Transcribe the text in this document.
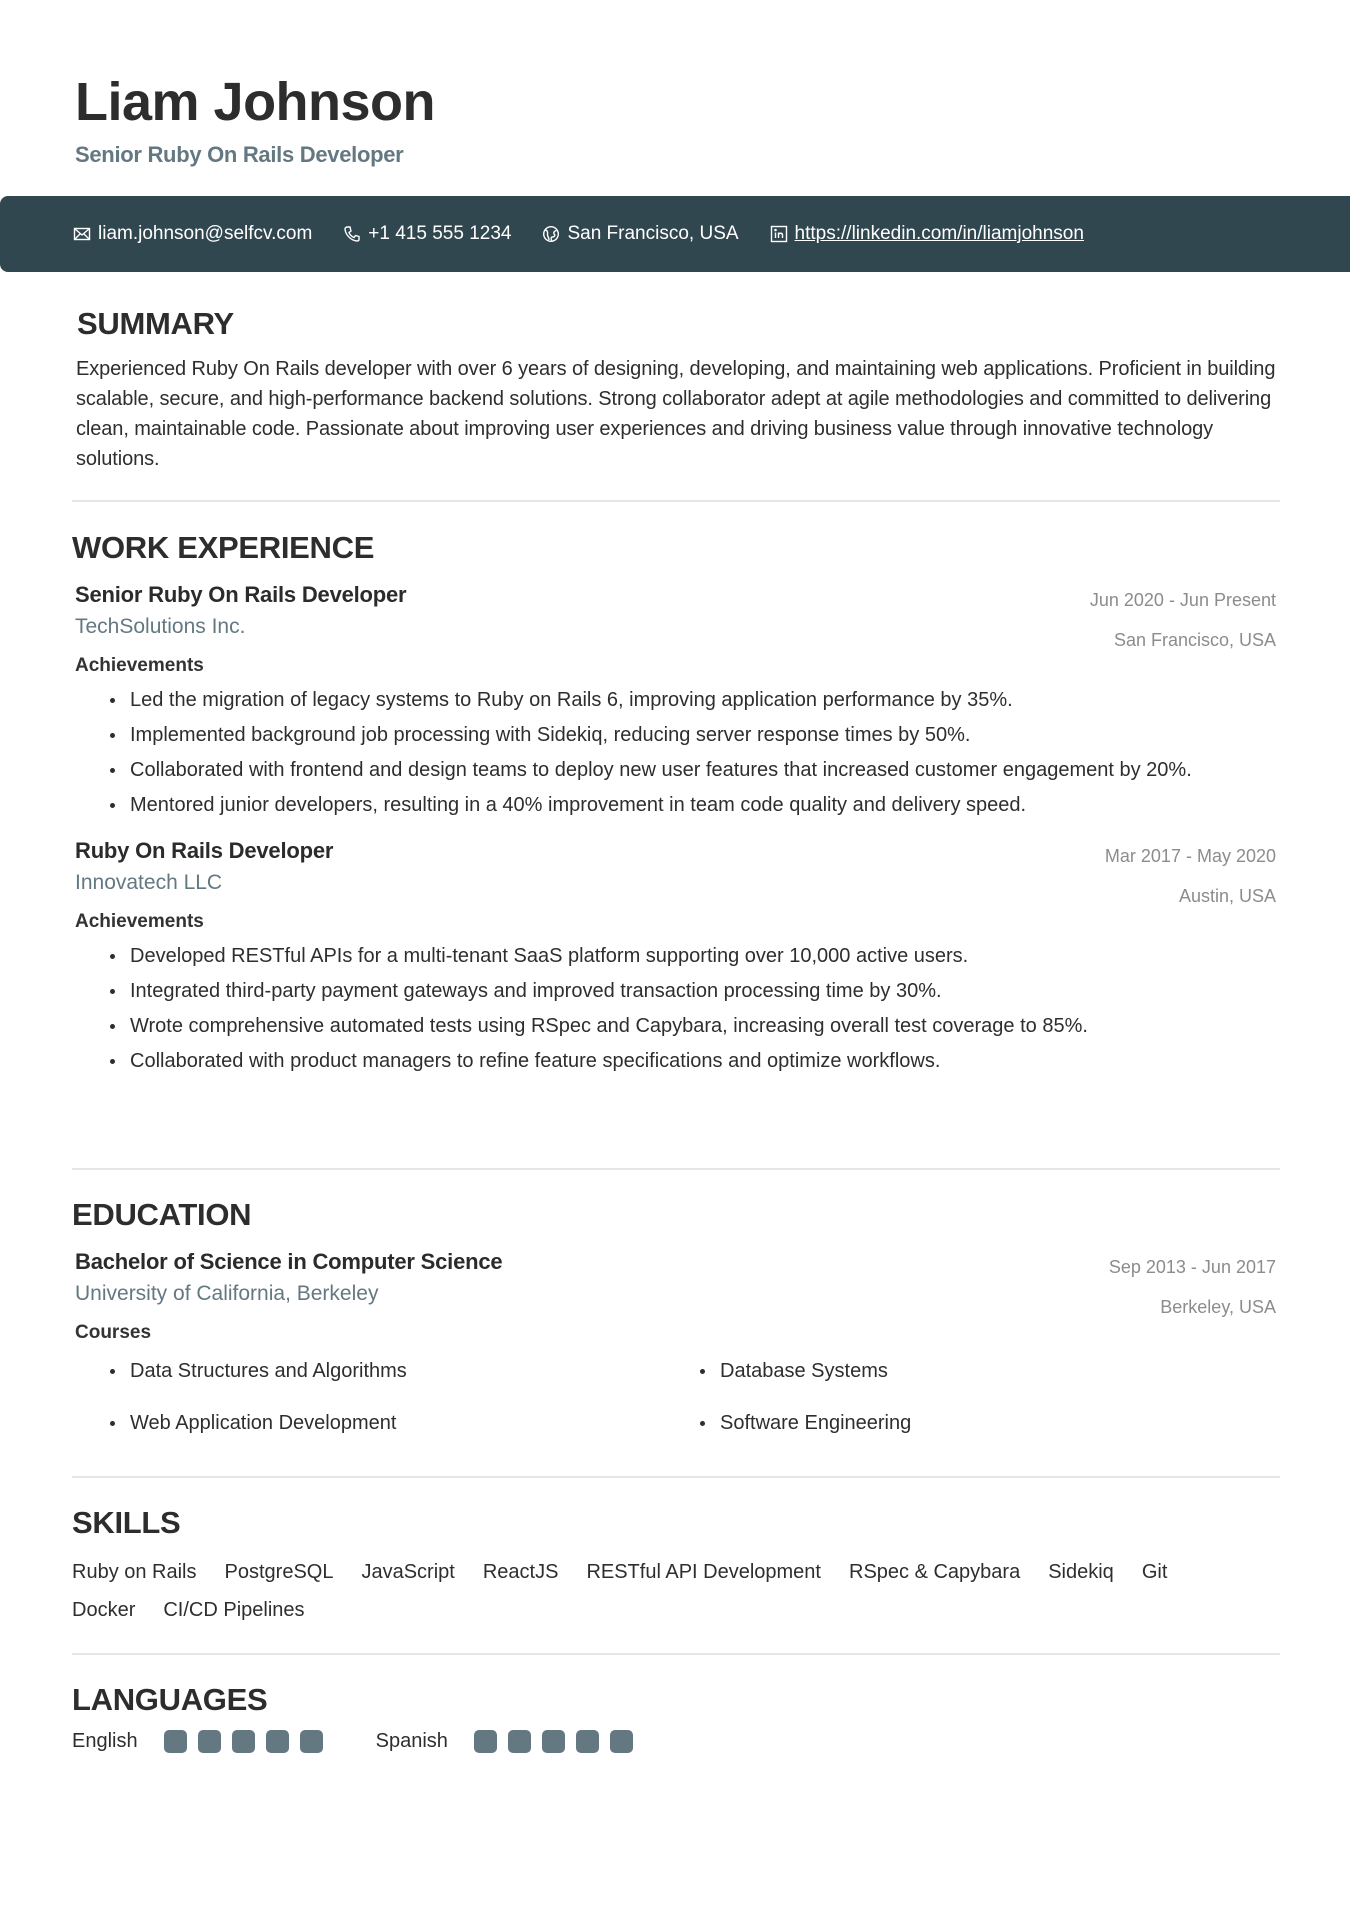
Liam Johnson
Senior Ruby On Rails Developer
liam.johnson@selfcv.com	+1 415 555 1234	San Francisco, USA	https://linkedin.com/in/liamjohnson
SUMMARY
Experienced Ruby On Rails developer with over 6 years of designing, developing, and maintaining web applications. Proficient in building scalable, secure, and high-performance backend solutions. Strong collaborator adept at agile methodologies and committed to delivering clean, maintainable code. Passionate about improving user experiences and driving business value through innovative technology solutions.
WORK EXPERIENCE
Senior Ruby On Rails Developer
TechSolutions Inc.
Jun 2020 - Jun Present
San Francisco, USA
Achievements
Led the migration of legacy systems to Ruby on Rails 6, improving application performance by 35%.
Implemented background job processing with Sidekiq, reducing server response times by 50%.
Collaborated with frontend and design teams to deploy new user features that increased customer engagement by 20%.
Mentored junior developers, resulting in a 40% improvement in team code quality and delivery speed.
Ruby On Rails Developer
Innovatech LLC
Mar 2017 - May 2020
Austin, USA
Achievements
Developed RESTful APIs for a multi-tenant SaaS platform supporting over 10,000 active users.
Integrated third-party payment gateways and improved transaction processing time by 30%.
Wrote comprehensive automated tests using RSpec and Capybara, increasing overall test coverage to 85%.
Collaborated with product managers to refine feature specifications and optimize workflows.
EDUCATION
Bachelor of Science in Computer Science
University of California, Berkeley
Sep 2013 - Jun 2017
Berkeley, USA
Courses
Data Structures and Algorithms	Database Systems
Web Application Development	Software Engineering
SKILLS
Ruby on Rails PostgreSQL JavaScript ReactJS RESTful API Development RSpec & Capybara Sidekiq Git
Docker CI/CD Pipelines
LANGUAGES
English	Spanish
